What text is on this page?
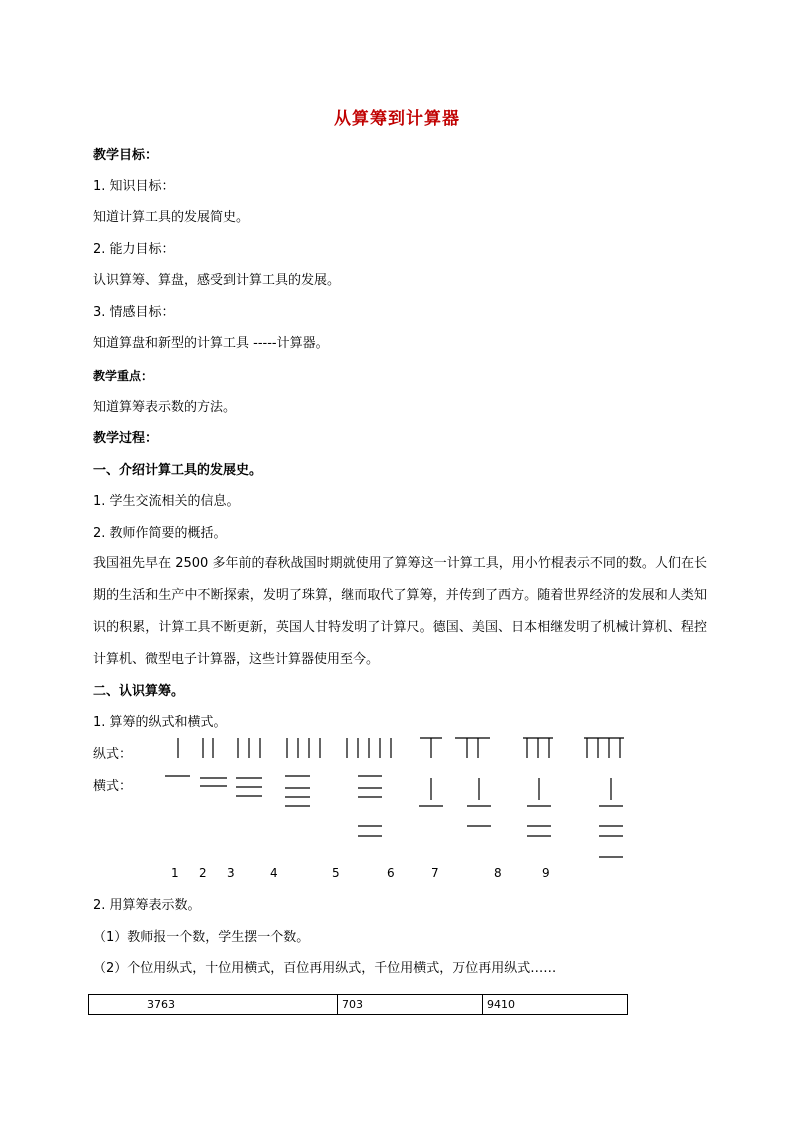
从算筹到计算器
教学目标：
1. 知识目标：
知道计算工具的发展简史。
2. 能力目标：
认识算筹、算盘，感受到计算工具的发展。
3. 情感目标：
知道算盘和新型的计算工具 -----计算器。
教学重点：
知道算筹表示数的方法。
教学过程：
一、介绍计算工具的发展史。
1. 学生交流相关的信息。
2. 教师作简要的概括。
我国祖先早在 2500 多年前的春秋战国时期就使用了算筹这一计算工具，用小竹棍表示不同的数。人们在长期的生活和生产中不断探索，发明了珠算，继而取代了算筹，并传到了西方。随着世界经济的发展和人类知识的积累，计算工具不断更新，英国人甘特发明了计算尺。德国、美国、日本相继发明了机械计算机、程控计算机、微型电子计算器，这些计算器使用至今。
二、认识算筹。
1. 算筹的纵式和横式。
纵式：
横式：
1 2 3	4	5	6	7	8	9
2. 用算筹表示数。
（1）教师报一个数，学生摆一个数。
（2）个位用纵式，十位用横式，百位再用纵式，千位用横式，万位再用纵式……
3763	703	9410
